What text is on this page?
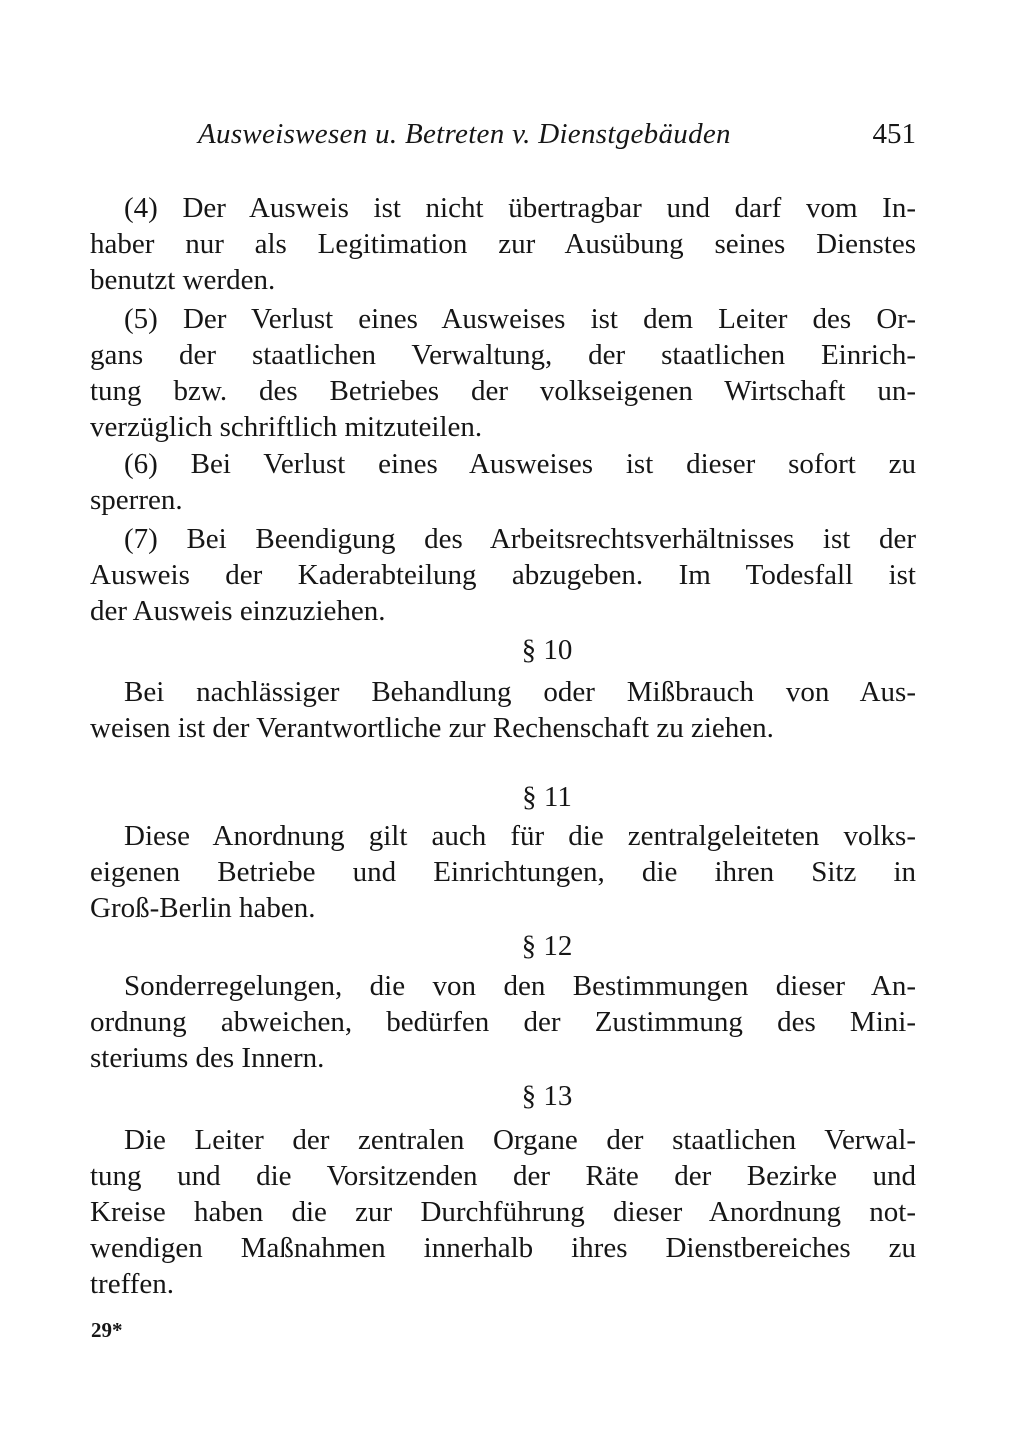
Ausweiswesen u. Betreten v. Dienstgebäuden	451
(4) Der Ausweis ist nicht übertragbar und darf vom In-
haber nur als Legitimation zur Ausübung seines Dienstes
benutzt werden.
(5) Der Verlust eines Ausweises ist dem Leiter des Or-
gans der staatlichen Verwaltung, der staatlichen Einrich-
tung bzw. des Betriebes der volkseigenen Wirtschaft un-
verzüglich schriftlich mitzuteilen.
(6) Bei Verlust eines Ausweises ist dieser sofort zu
sperren.
(7) Bei Beendigung des Arbeitsrechtsverhältnisses ist der
Ausweis der Kaderabteilung abzugeben. Im Todesfall ist
der Ausweis einzuziehen.
§ 10
Bei nachlässiger Behandlung oder Mißbrauch von Aus-
weisen ist der Verantwortliche zur Rechenschaft zu ziehen.
§ 11
Diese Anordnung gilt auch für die zentralgeleiteten volks-
eigenen Betriebe und Einrichtungen, die ihren Sitz in
Groß-Berlin haben.
§ 12
Sonderregelungen, die von den Bestimmungen dieser An-
ordnung abweichen, bedürfen der Zustimmung des Mini-
steriums des Innern.
§ 13
Die Leiter der zentralen Organe der staatlichen Verwal-
tung und die Vorsitzenden der Räte der Bezirke und
Kreise haben die zur Durchführung dieser Anordnung not-
wendigen Maßnahmen innerhalb ihres Dienstbereiches zu
treffen.
29*
